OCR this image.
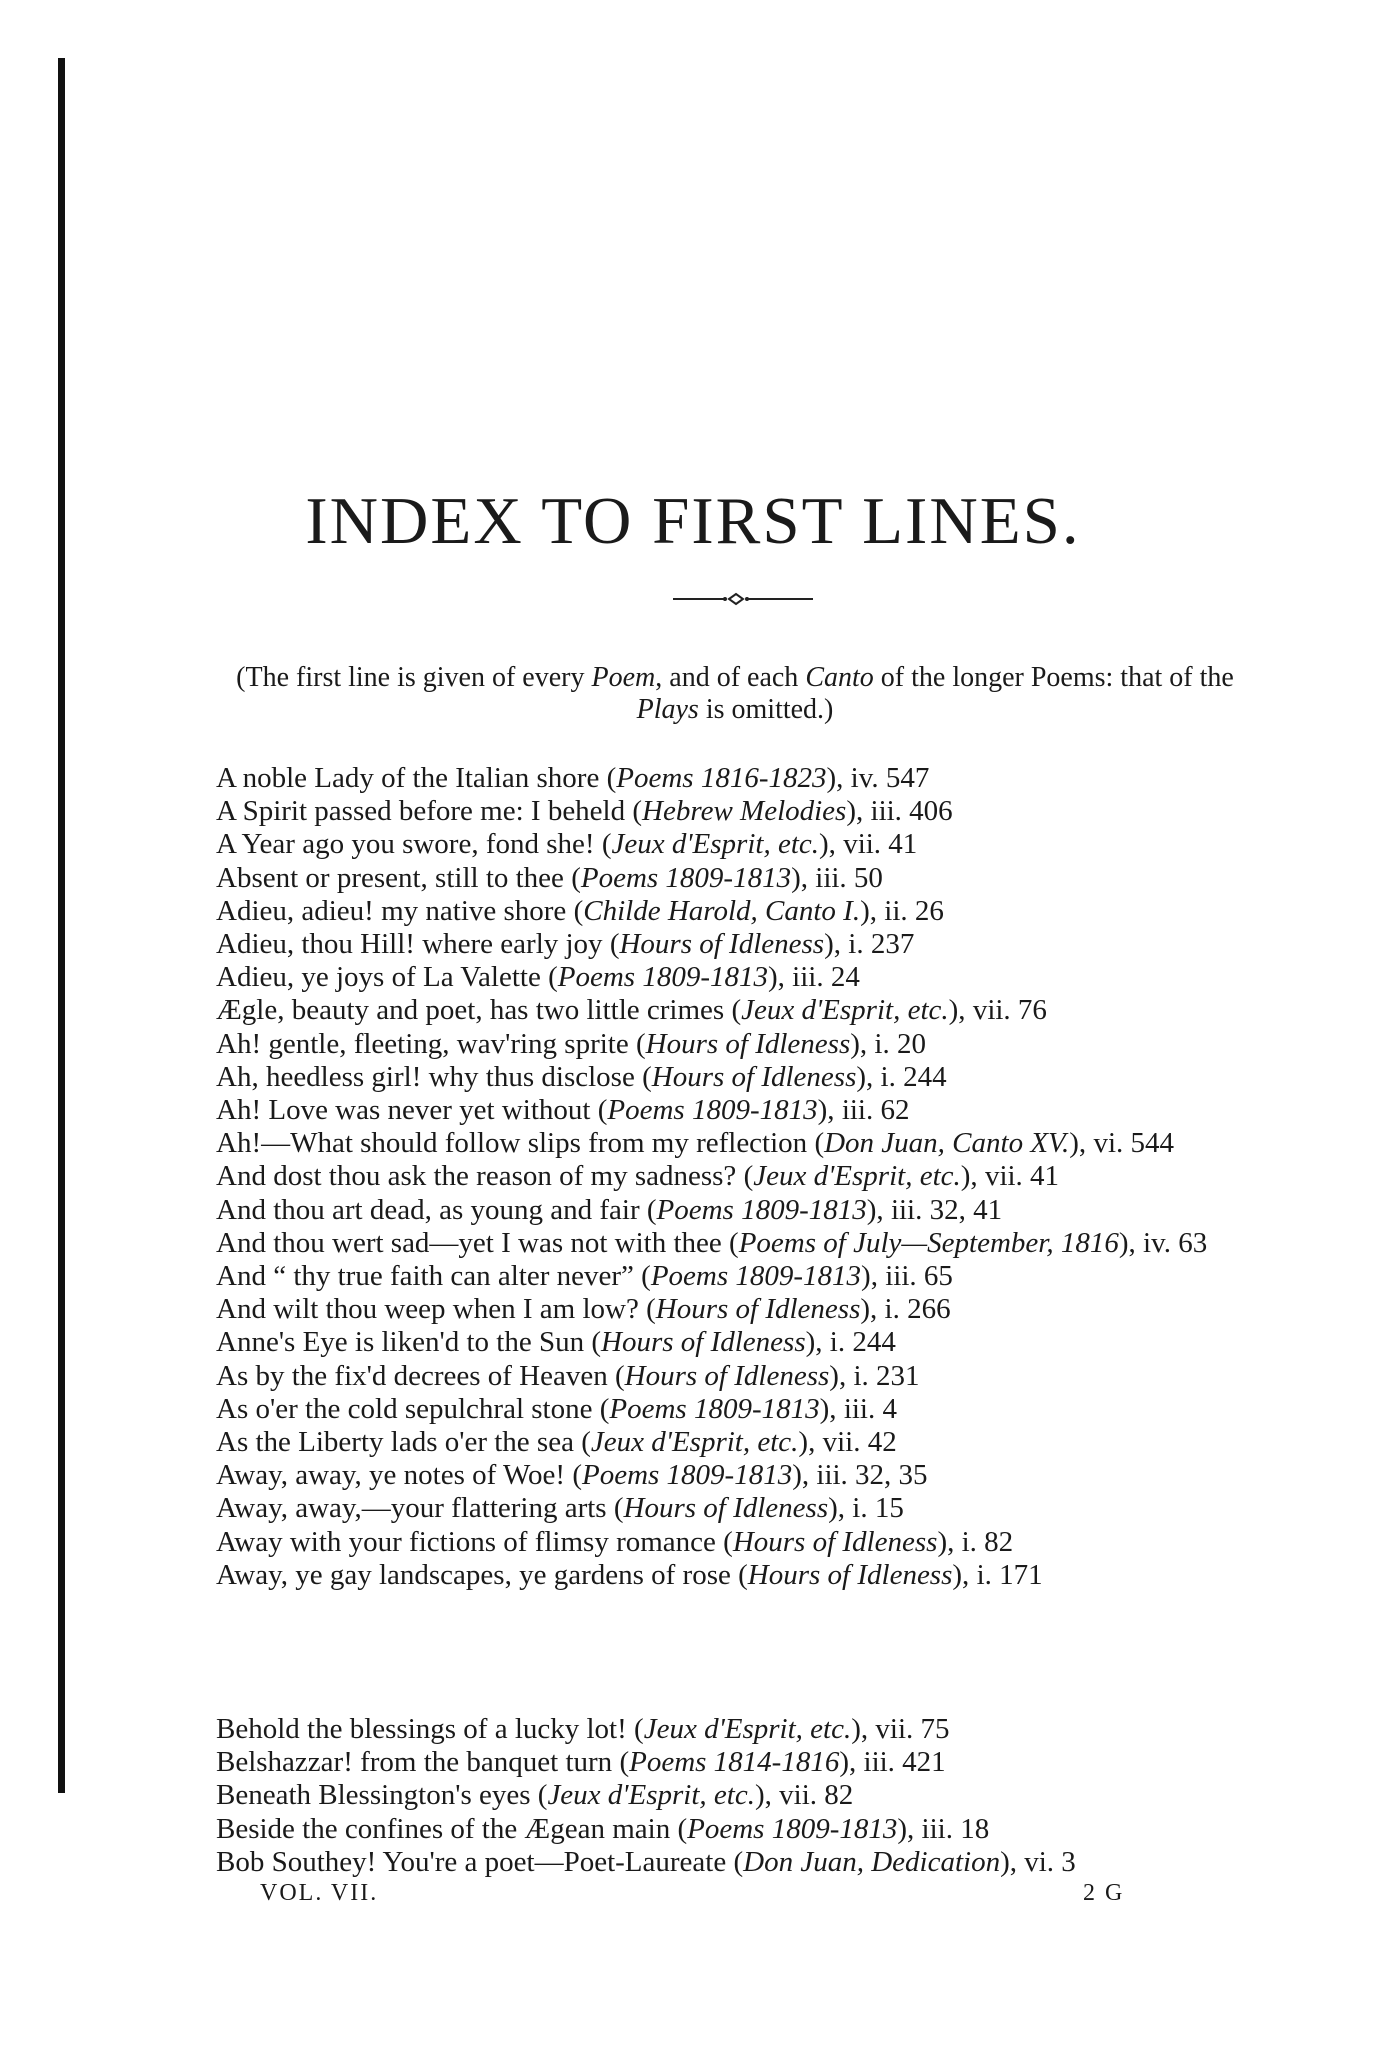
INDEX TO FIRST LINES.

(The first line is given of every Poem, and of each Canto of the longer Poems: that of the Plays is omitted.)

A noble Lady of the Italian shore (Poems 1816-1823), iv. 547

A Spirit passed before me: I beheld (Hebrew Melodies), iii. 406

A Year ago you swore, fond she! (Jeux d'Esprit, etc.), vii. 41

Absent or present, still to thee (Poems 1809-1813), iii. 50

Adieu, adieu! my native shore (Childe Harold, Canto I.), ii. 26

Adieu, thou Hill! where early joy (Hours of Idleness), i. 237

Adieu, ye joys of La Valette (Poems 1809-1813), iii. 24

Ægle, beauty and poet, has two little crimes (Jeux d'Esprit, etc.), vii. 76

Ah! gentle, fleeting, wav'ring sprite (Hours of Idleness), i. 20

Ah, heedless girl! why thus disclose (Hours of Idleness), i. 244

Ah! Love was never yet without (Poems 1809-1813), iii. 62

Ah!—What should follow slips from my reflection (Don Juan, Canto XV.), vi. 544

And dost thou ask the reason of my sadness? (Jeux d'Esprit, etc.), vii. 41

And thou art dead, as young and fair (Poems 1809-1813), iii. 32, 41

And thou wert sad—yet I was not with thee (Poems of July—September, 1816), iv. 63

And “ thy true faith can alter never” (Poems 1809-1813), iii. 65

And wilt thou weep when I am low? (Hours of Idleness), i. 266

Anne's Eye is liken'd to the Sun (Hours of Idleness), i. 244

As by the fix'd decrees of Heaven (Hours of Idleness), i. 231

As o'er the cold sepulchral stone (Poems 1809-1813), iii. 4

As the Liberty lads o'er the sea (Jeux d'Esprit, etc.), vii. 42

Away, away, ye notes of Woe! (Poems 1809-1813), iii. 32, 35

Away, away,—your flattering arts (Hours of Idleness), i. 15

Away with your fictions of flimsy romance (Hours of Idleness), i. 82

Away, ye gay landscapes, ye gardens of rose (Hours of Idleness), i. 171

Behold the blessings of a lucky lot! (Jeux d'Esprit, etc.), vii. 75

Belshazzar! from the banquet turn (Poems 1814-1816), iii. 421

Beneath Blessington's eyes (Jeux d'Esprit, etc.), vii. 82

Beside the confines of the Ægean main (Poems 1809-1813), iii. 18

Bob Southey! You're a poet—Poet-Laureate (Don Juan, Dedication), vi. 3

VOL. VII.	2 G
